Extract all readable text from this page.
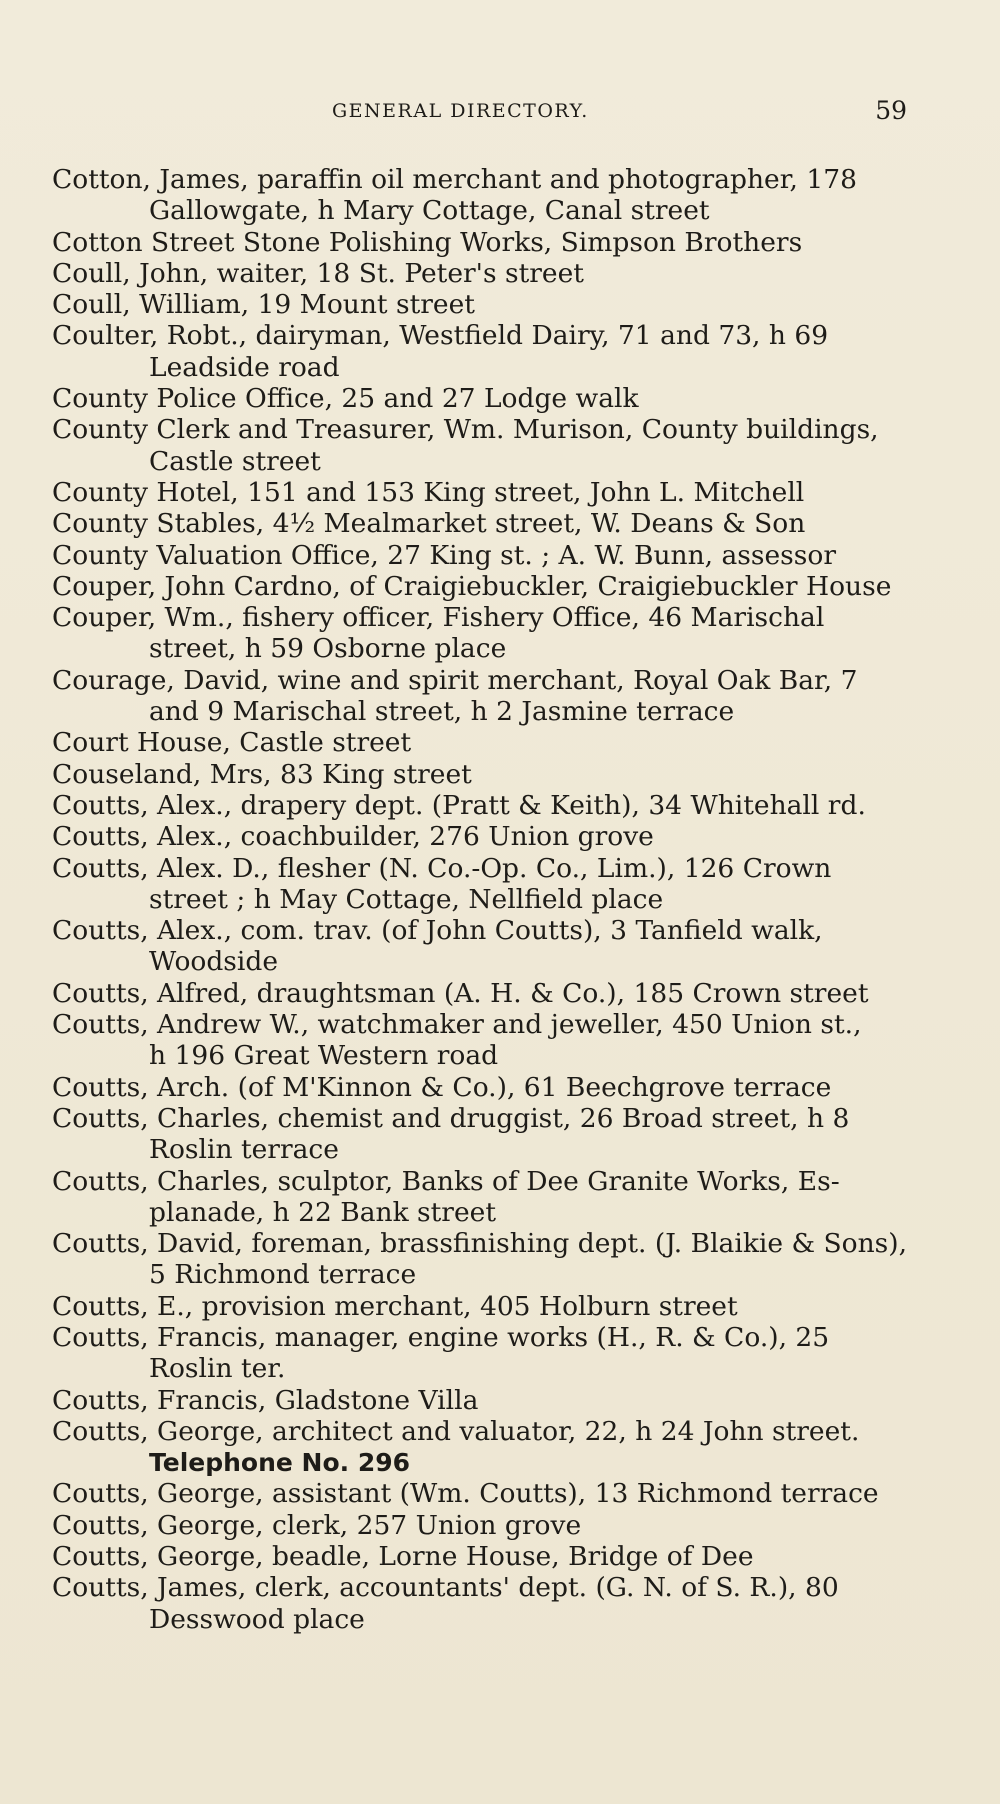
GENERAL DIRECTORY.	59
Cotton, James, paraffin oil merchant and photographer, 178
Gallowgate, h Mary Cottage, Canal street
Cotton Street Stone Polishing Works, Simpson Brothers
Coull, John, waiter, 18 St. Peter's street
Coull, William, 19 Mount street
Coulter, Robt., dairyman, Westfield Dairy, 71 and 73, h 69
Leadside road
County Police Office, 25 and 27 Lodge walk
County Clerk and Treasurer, Wm. Murison, County buildings,
Castle street
County Hotel, 151 and 153 King street, John L. Mitchell
County Stables, 4½ Mealmarket street, W. Deans & Son
County Valuation Office, 27 King st. ; A. W. Bunn, assessor
Couper, John Cardno, of Craigiebuckler, Craigiebuckler House
Couper, Wm., fishery officer, Fishery Office, 46 Marischal
street, h 59 Osborne place
Courage, David, wine and spirit merchant, Royal Oak Bar, 7
and 9 Marischal street, h 2 Jasmine terrace
Court House, Castle street
Couseland, Mrs, 83 King street
Coutts, Alex., drapery dept. (Pratt & Keith), 34 Whitehall rd.
Coutts, Alex., coachbuilder, 276 Union grove
Coutts, Alex. D., flesher (N. Co.-Op. Co., Lim.), 126 Crown
street ; h May Cottage, Nellfield place
Coutts, Alex., com. trav. (of John Coutts), 3 Tanfield walk,
Woodside
Coutts, Alfred, draughtsman (A. H. & Co.), 185 Crown street
Coutts, Andrew W., watchmaker and jeweller, 450 Union st.,
h 196 Great Western road
Coutts, Arch. (of M'Kinnon & Co.), 61 Beechgrove terrace
Coutts, Charles, chemist and druggist, 26 Broad street, h 8
Roslin terrace
Coutts, Charles, sculptor, Banks of Dee Granite Works, Es-
planade, h 22 Bank street
Coutts, David, foreman, brassfinishing dept. (J. Blaikie & Sons),
5 Richmond terrace
Coutts, E., provision merchant, 405 Holburn street
Coutts, Francis, manager, engine works (H., R. & Co.), 25
Roslin ter.
Coutts, Francis, Gladstone Villa
Coutts, George, architect and valuator, 22, h 24 John street.
Telephone No. 296
Coutts, George, assistant (Wm. Coutts), 13 Richmond terrace
Coutts, George, clerk, 257 Union grove
Coutts, George, beadle, Lorne House, Bridge of Dee
Coutts, James, clerk, accountants' dept. (G. N. of S. R.), 80
Desswood place
